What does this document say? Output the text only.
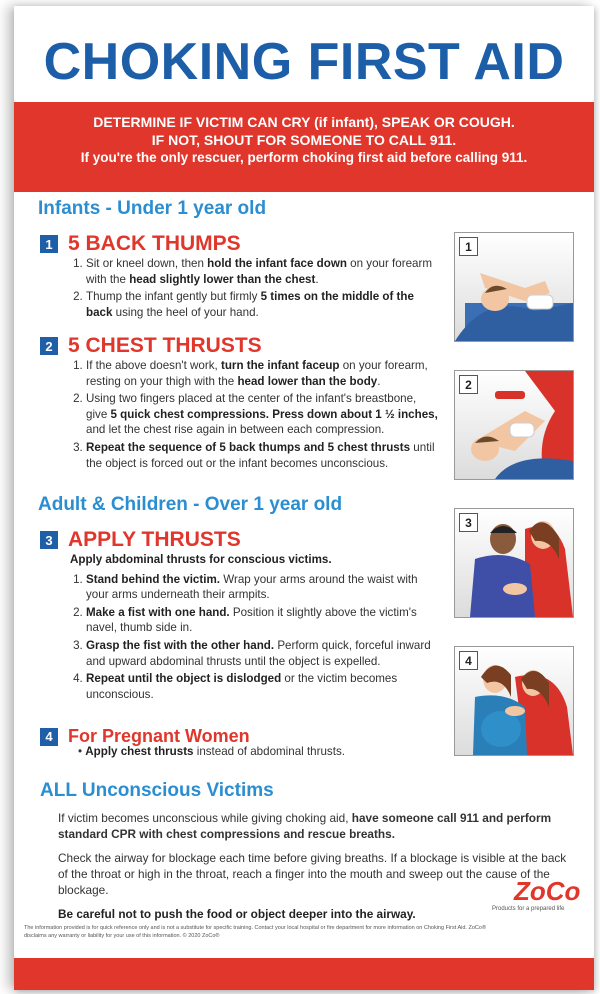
CHOKING FIRST AID
DETERMINE IF VICTIM CAN CRY (if infant), SPEAK OR COUGH.
IF NOT, SHOUT FOR SOMEONE TO CALL 911.
If you're the only rescuer, perform choking first aid before calling 911.
Infants - Under 1 year old
1 5 BACK THUMPS
1. Sit or kneel down, then hold the infant face down on your forearm with the head slightly lower than the chest.
2. Thump the infant gently but firmly 5 times on the middle of the back using the heel of your hand.
2 5 CHEST THRUSTS
1. If the above doesn't work, turn the infant faceup on your forearm, resting on your thigh with the head lower than the body.
2. Using two fingers placed at the center of the infant's breastbone, give 5 quick chest compressions. Press down about 1 ½ inches, and let the chest rise again in between each compression.
3. Repeat the sequence of 5 back thumps and 5 chest thrusts until the object is forced out or the infant becomes unconscious.
Adult & Children - Over 1 year old
3 APPLY THRUSTS
Apply abdominal thrusts for conscious victims.
1. Stand behind the victim. Wrap your arms around the waist with your arms underneath their armpits.
2. Make a fist with one hand. Position it slightly above the victim's navel, thumb side in.
3. Grasp the fist with the other hand. Perform quick, forceful inward and upward abdominal thrusts until the object is expelled.
4. Repeat until the object is dislodged or the victim becomes unconscious.
4 For Pregnant Women
• Apply chest thrusts instead of abdominal thrusts.
ALL Unconscious Victims

If victim becomes unconscious while giving choking aid, have someone call 911 and perform standard CPR with chest compressions and rescue breaths.

Check the airway for blockage each time before giving breaths. If a blockage is visible at the back of the throat or high in the throat, reach a finger into the mouth and sweep out the cause of the blockage.

Be careful not to push the food or object deeper into the airway.

1
2
3
4
ZoCo
Products for a prepared life
The information provided is for quick reference only and is not a substitute for specific training. Contact your local hospital or fire department for more information on Choking First Aid. ZoCo® disclaims any warranty or liability for your use of this information. © 2020 ZoCo®
